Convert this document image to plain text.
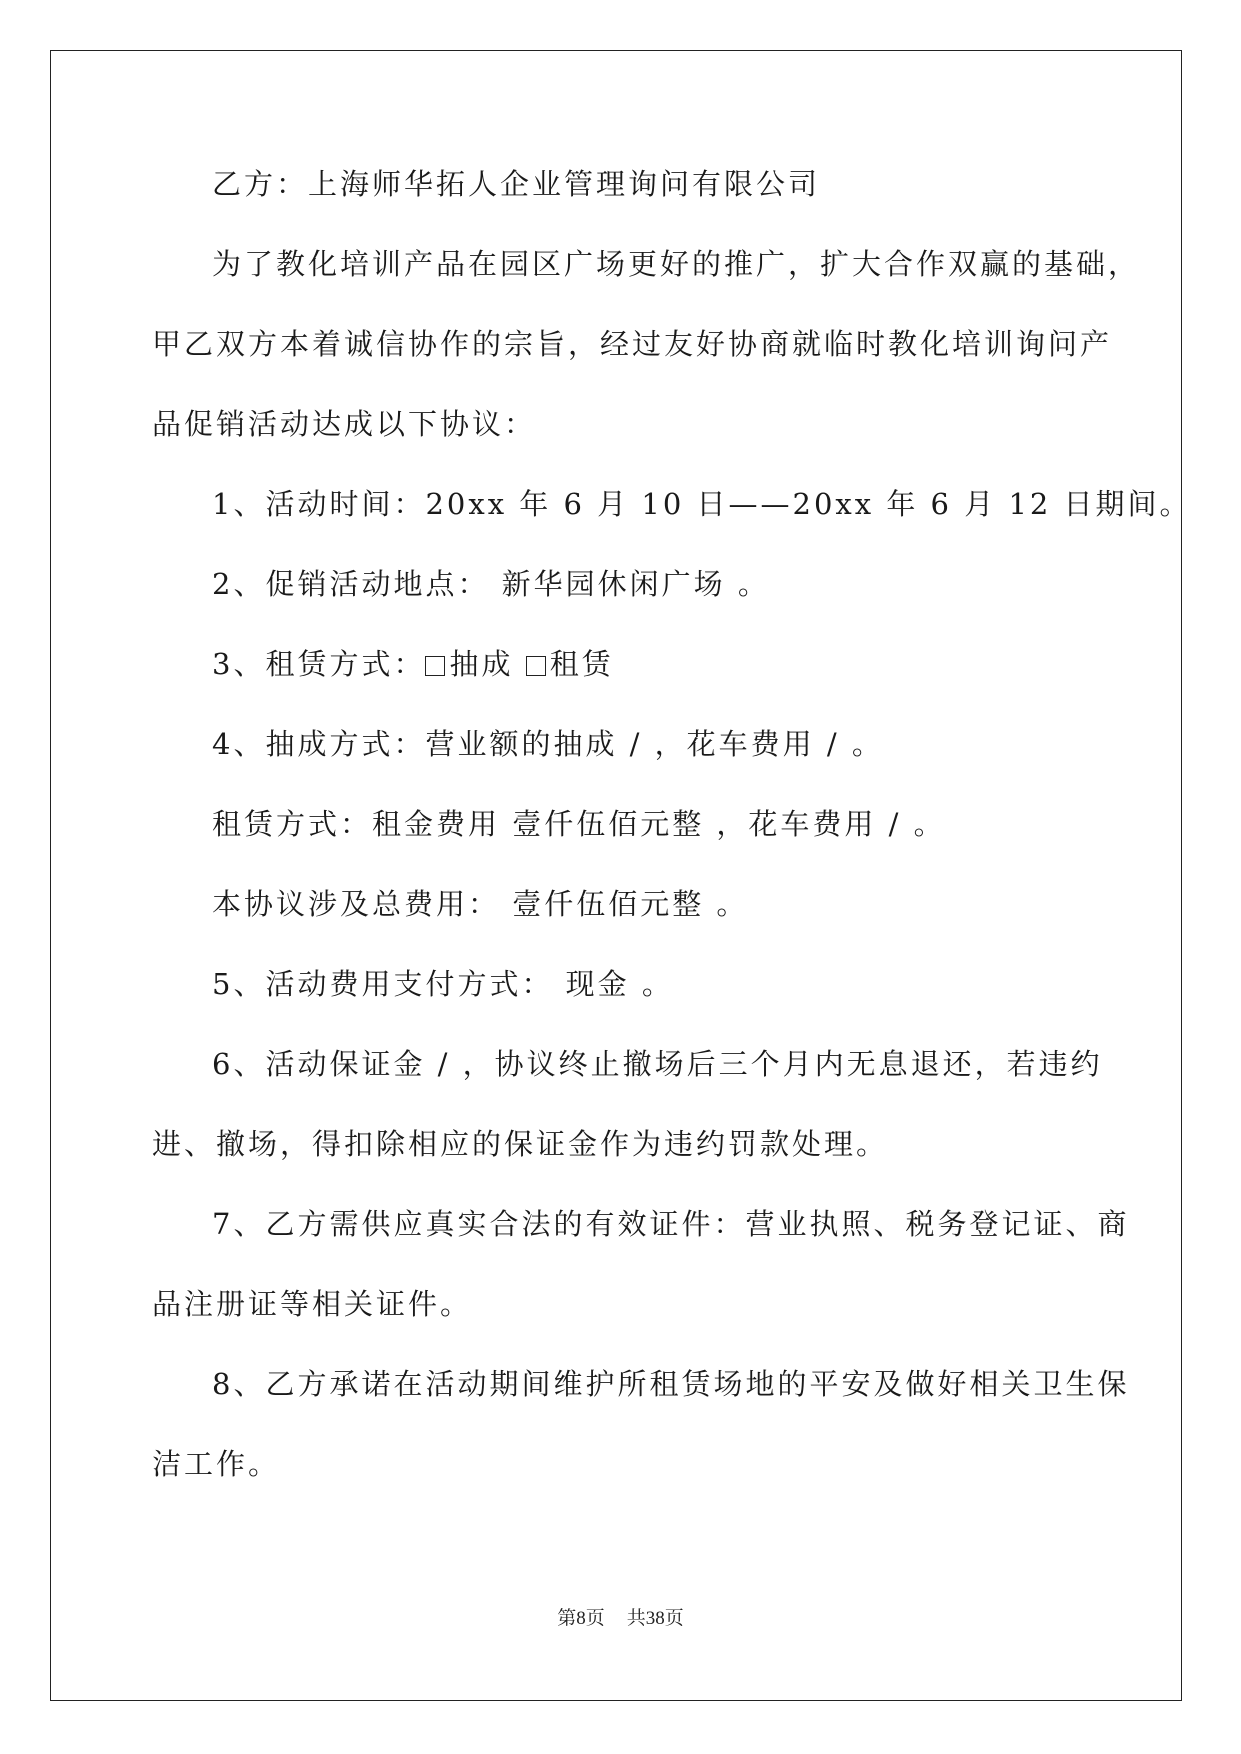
乙方：上海师华拓人企业管理询问有限公司
为了教化培训产品在园区广场更好的推广，扩大合作双赢的基础，
甲乙双方本着诚信协作的宗旨，经过友好协商就临时教化培训询问产
品促销活动达成以下协议：
1、活动时间：20xx 年 6 月 10 日——20xx 年 6 月 12 日期间。
2、促销活动地点： 新华园休闲广场 。
3、租赁方式： 抽成 租赁
4、抽成方式：营业额的抽成 / ，花车费用 / 。
租赁方式：租金费用 壹仟伍佰元整 ，花车费用 / 。
本协议涉及总费用： 壹仟伍佰元整 。
5、活动费用支付方式： 现金 。
6、活动保证金 / ，协议终止撤场后三个月内无息退还，若违约
进、撤场，得扣除相应的保证金作为违约罚款处理。
7、乙方需供应真实合法的有效证件：营业执照、税务登记证、商
品注册证等相关证件。
8、乙方承诺在活动期间维护所租赁场地的平安及做好相关卫生保
洁工作。
第8页 共38页
